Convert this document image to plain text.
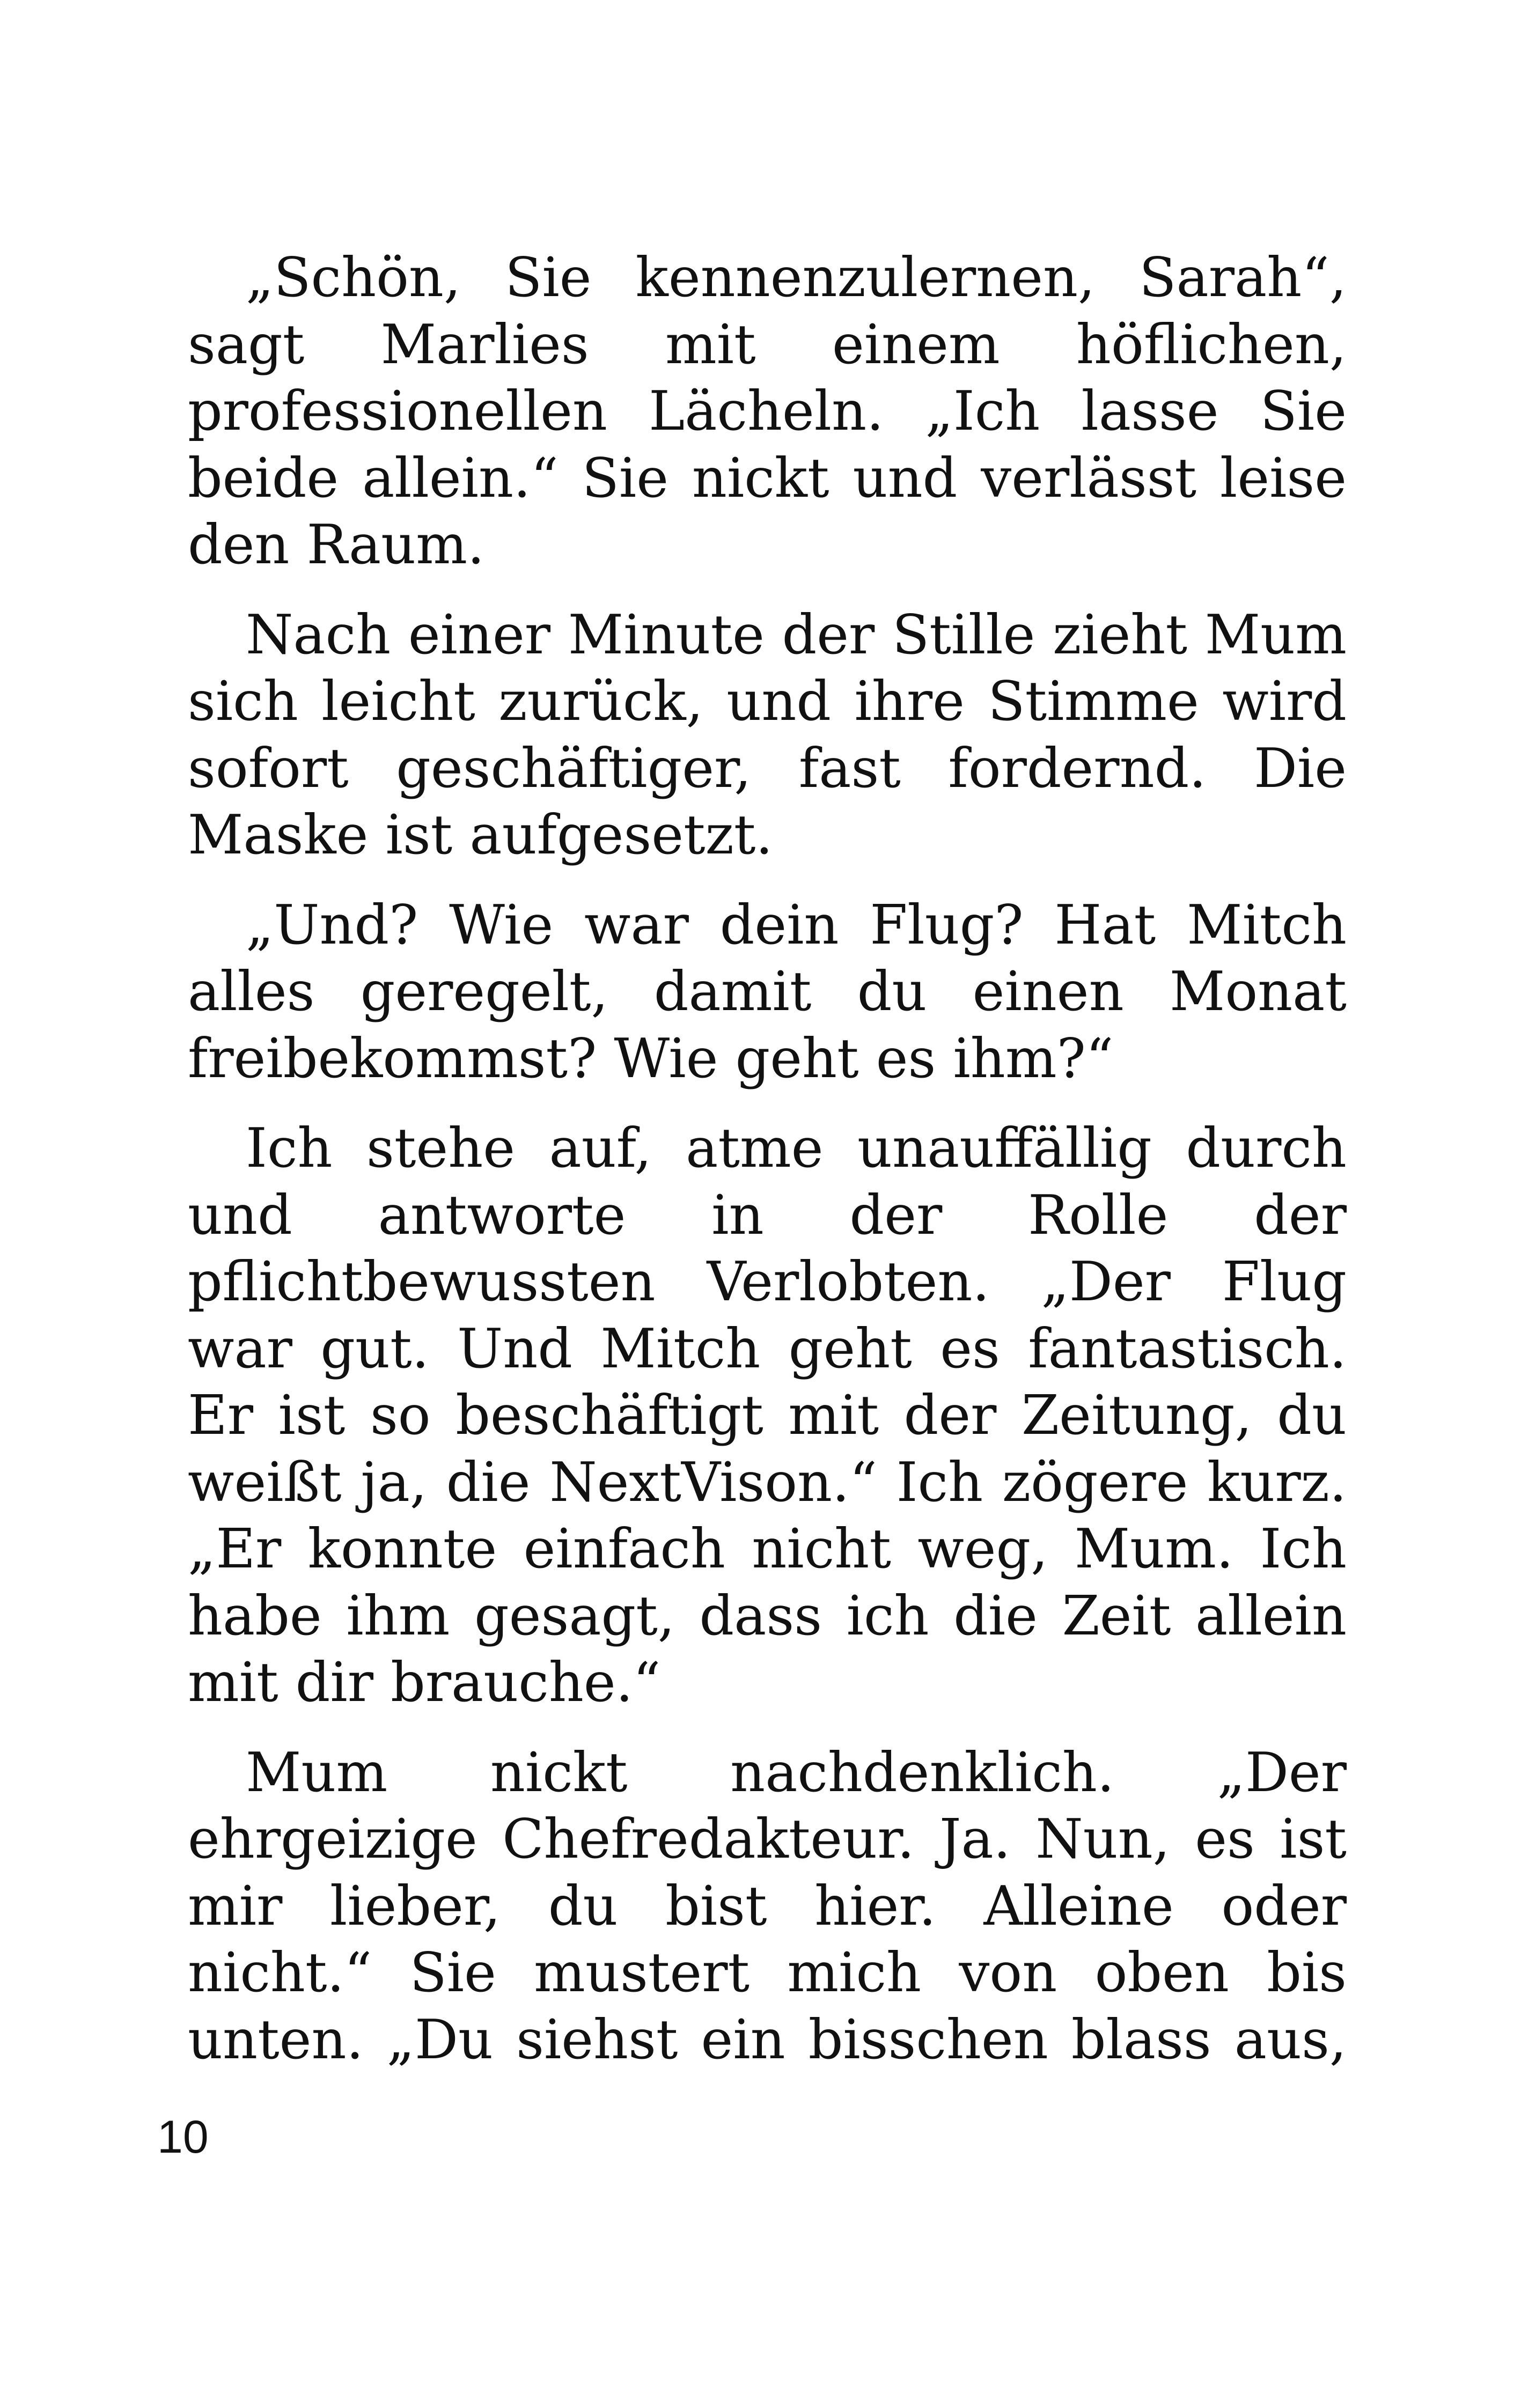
„Schön, Sie kennenzulernen, Sarah“,
sagt Marlies mit einem höflichen,
professionellen Lächeln. „Ich lasse Sie
beide allein.“ Sie nickt und verlässt leise
den Raum.
Nach einer Minute der Stille zieht Mum
sich leicht zurück, und ihre Stimme wird
sofort geschäftiger, fast fordernd. Die
Maske ist aufgesetzt.
„Und? Wie war dein Flug? Hat Mitch
alles geregelt, damit du einen Monat
freibekommst? Wie geht es ihm?“
Ich stehe auf, atme unauffällig durch
und antworte in der Rolle der
pflichtbewussten Verlobten. „Der Flug
war gut. Und Mitch geht es fantastisch.
Er ist so beschäftigt mit der Zeitung, du
weißt ja, die NextVison.“ Ich zögere kurz.
„Er konnte einfach nicht weg, Mum. Ich
habe ihm gesagt, dass ich die Zeit allein
mit dir brauche.“
Mum nickt nachdenklich. „Der
ehrgeizige Chefredakteur. Ja. Nun, es ist
mir lieber, du bist hier. Alleine oder
nicht.“ Sie mustert mich von oben bis
unten. „Du siehst ein bisschen blass aus,
10
